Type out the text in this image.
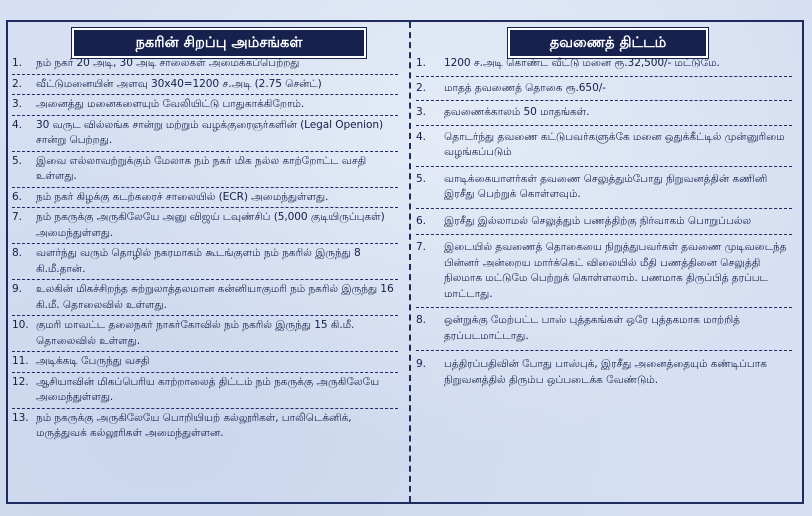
நகரின் சிறப்பு அம்சங்கள்	தவணைத் திட்டம்
1.	நம் நகர் 20 அடி, 30 அடி சாலைகள் அமைக்கப்பெற்றது
2.	வீட்டுமனையின் அளவு 30x40=1200 ச.அடி (2.75 சென்ட்)
3.	அனைத்து மனைகளையும் வேலியிட்டு பாதுகாக்கிறோம்.
4.	30 வருட வில்லங்க சான்று மற்றும் வழக்குரைஞர்களின் (Legal Openion) சான்று பெற்றது.
5.	இவை எல்லாவற்றுக்கும் மேலாக நம் நகர் மிக நல்ல காற்றோட்ட வசதி உள்ளது.
6.	நம் நகர் கிழக்கு கடற்கரைச் சாலையில் (ECR) அமைந்துள்ளது.
7.	நம் நகருக்கு அருகிலேயே அனு விஜய் டவுண்சிப் (5,000 குடியிருப்புகள்) அமைந்துள்ளது.
8.	வளர்ந்து வரும் தொழில் நகரமாகம் கூடங்குளம் நம் நகரில் இருந்து 8 கி.மீ.தான்.
9.	உலகின் மிகச்சிறந்த சுற்றுலாத்தலமான கன்னியாகுமரி நம் நகரில் இருந்து 16 கி.மீ. தொலைவில் உள்ளது.
10. குமரி மாவட்ட தலைநகர் நாகர்கோவில் நம் நகரில் இருந்து 15 கி.மீ. தொலைவில் உள்ளது.
11. அடிக்கடி பேருந்து வசதி
12. ஆசியாவின் மிகப்பெரிய காற்றாலைத் திட்டம் நம் நகருக்கு அருகிலேயே அமைந்துள்ளது.
13. நம் நகருக்கு அருகிலேயே பொறியியற் கல்லூரிகள், பாலிடெக்னிக், மருத்துவக் கல்லூரிகள் அமைந்துள்ளன.
1.	1200 ச.அடி கொண்ட வீட்டு மனை ரூ.32,500/- மட்டுமே.
2.	மாதத் தவணைத் தொகை ரூ.650/-
3.	தவணைக்காலம் 50 மாதங்கள்.
4.	தொடர்ந்து தவணை கட்டுபவர்களுக்கே மனை ஒதுக்கீட்டில் முன்னுரிமை வழங்கப்படும்
5.	வாடிக்கையாளர்கள் தவணை செலுத்தும்போது நிறுவனத்தின் கணினி இரசீது பெற்றுக் கொள்ளவும்.
6.	இரசீது இல்லாமல் செலுத்தும் பணத்திற்கு நிர்வாகம் பொறுப்பல்ல
7.	இடையில் தவணைத் தொகையை நிறுத்துபவர்கள் தவணை முடிவடைந்த பின்னர் அன்றைய மார்க்கெட் விலையில் மீதி பணத்தினை செலுத்தி நிலமாக மட்டுமே பெற்றுக் கொள்ளலாம். பணமாக திருப்பித் தரப்பட மாட்டாது.
8.	ஒன்றுக்கு மேற்பட்ட பாஸ் புத்தகங்கள் ஒரே புத்தகமாக மாற்றித் தரப்படமாட்டாது.
9.	பத்திரப்பதிவின் போது பாஸ்புக், இரசீது அனைத்தையும் கண்டிப்பாக நிறுவனத்தில் திரும்ப ஒப்படைக்க வேண்டும்.
